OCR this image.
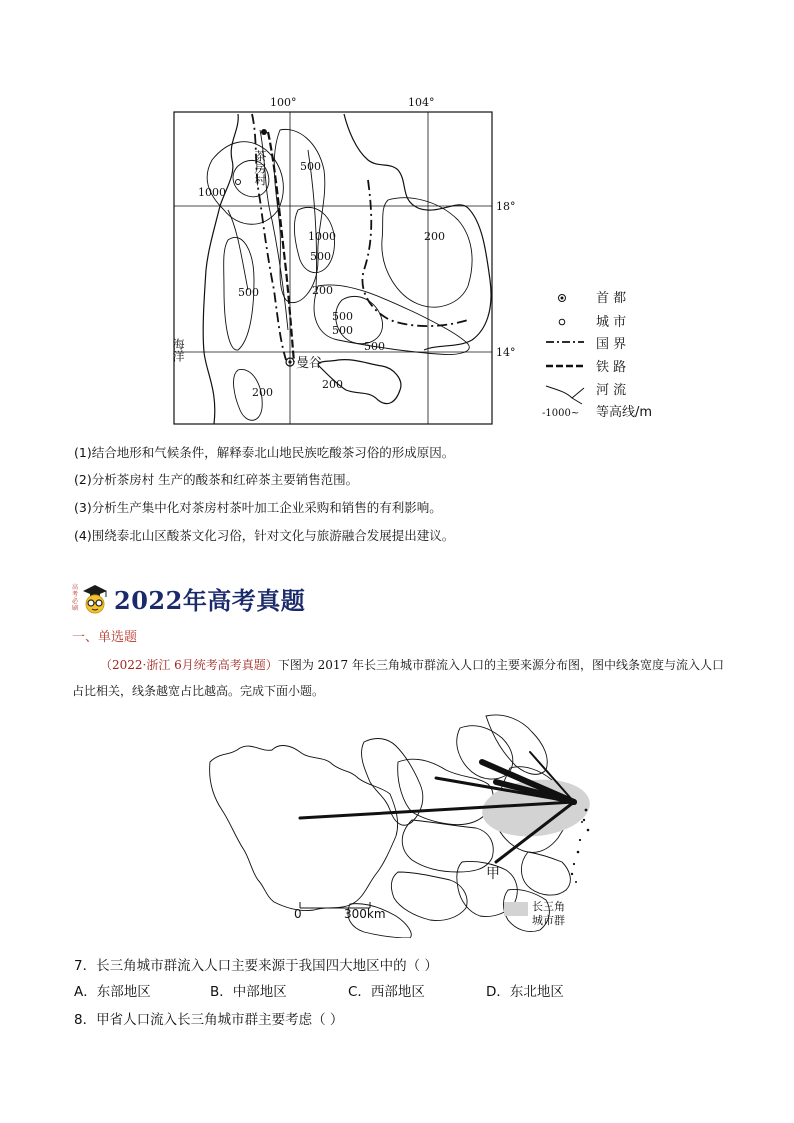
100°	104°
18°
14°
1000
500
500
1000
500
200
200
500
500
500
200
200
茶房村
曼谷
海洋
首 都
城 市
国 界
铁 路
河 流
-1000~ 等高线/m
(1)结合地形和气候条件，解释泰北山地民族吃酸茶习俗的形成原因。
(2)分析茶房村 生产的酸茶和红碎茶主要销售范围。
(3)分析生产集中化对茶房村茶叶加工企业采购和销售的有利影响。
(4)围绕泰北山区酸茶文化习俗，针对文化与旅游融合发展提出建议。
高
考
必
刷 2022年高考真题
一、单选题
（2022·浙江 6月统考高考真题）下图为 2017 年长三角城市群流入人口的主要来源分布图，图中线条宽度与流入人口占比相关，线条越宽占比越高。完成下面小题。
甲
0	300km
长三角
城市群
7．长三角城市群流入人口主要来源于我国四大地区中的（ ）
A．东部地区	B．中部地区	C．西部地区	D．东北地区
8．甲省人口流入长三角城市群主要考虑（ ）
